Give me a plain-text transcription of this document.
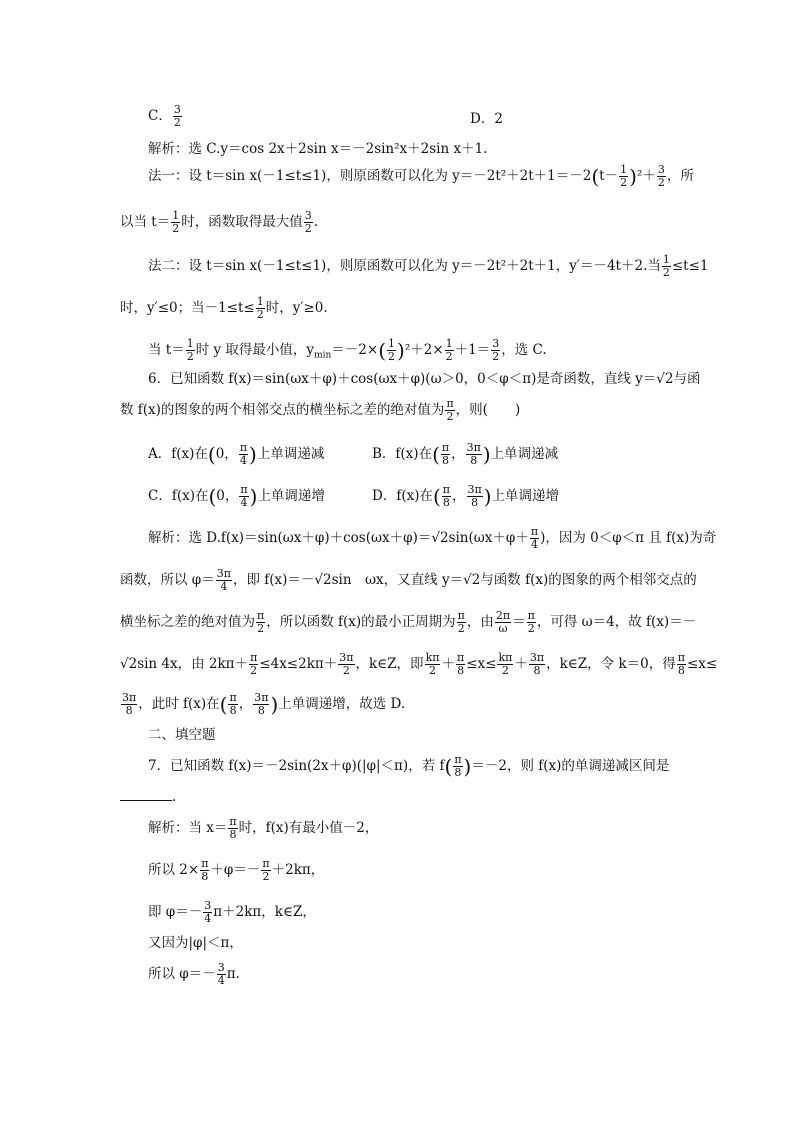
C． $\frac{3}{2}$	D．2
解析：选 C.y＝cos 2x＋2sin x＝－2sin²x＋2sin x＋1.
法一：设 t＝sin x(－1≤t≤1)，则原函数可以化为 $y=-2t^2+2t+1=-2(t- \frac{1}{2} )^2+ \frac{3}{2}$ ，所
以当 $t= \frac{1}{2}$ 时，函数取得最大值 $\frac{3}{2}$ .
法二：设 t＝sin x(－1≤t≤1)，则原函数可以化为 y＝－2t²＋2t＋1，y′＝－4t＋2.当 $\frac{1}{2} \le t\le 1$
时，y′≤0；当$-1\le t\le \frac{1}{2}$ 时，y′≥0.
当 $t= \frac{1}{2}$ 时 y 取得最小值，$y_{min}=-2\times( \frac{1}{2} )^2+2\times \frac{1}{2} +1= \frac{3}{2}$ ，选 C.
6．已知函数 f(x)＝sin(ωx＋φ)＋cos(ωx＋φ)(ω＞0，0＜φ＜π)是奇函数，直线 y＝√2与函
数 f(x)的图象的两个相邻交点的横坐标之差的绝对值为 $\frac{\pi}{2}$ ，则(　　)
A．f(x)在(0， $\frac{\pi}{4}$ )上单调递减	B．f(x)在( $\frac{\pi}{8}$ ， $\frac{3\pi}{8}$ )上单调递减
C．f(x)在(0， $\frac{\pi}{4}$ )上单调递增	D．f(x)在( $\frac{\pi}{8}$ ， $\frac{3\pi}{8}$ )上单调递增
解析：选 $D.f(x)=\sin(\omega x+\varphi)+\cos(\omega x+\varphi)=√2\sin(\omega x+\varphi+ \frac{\pi}{4}$ )，因为 0＜φ＜π 且 f(x)为奇
函数，所以 $\varphi= \frac{3\pi}{4}$ ，即 f(x)＝－√2sin　ωx，又直线 y＝√2与函数 f(x)的图象的两个相邻交点的
横坐标之差的绝对值为 $\frac{\pi}{2}$ ，所以函数 f(x)的最小正周期为 $\frac{\pi}{2}$ ，由 $\frac{2\pi}{\omega} = \frac{\pi}{2}$ ，可得 ω＝4，故 f(x)＝－
√2sin 4x，由 $2k\pi+ \frac{\pi}{2} \le 4x\le 2k\pi+ \frac{3\pi}{2}$ ，k∈Z，即 $\frac{k\pi}{2} + \frac{\pi}{8} \le x\le \frac{k\pi}{2} + \frac{3\pi}{8}$ ，k∈Z，令 k＝0，得 $\frac{\pi}{8} \le x\le$
$\frac{3\pi}{8}$ ，此时 f(x)在( $\frac{\pi}{8}$ ， $\frac{3\pi}{8}$ )上单调递增，故选 D.
二、填空题
7．已知函数 f(x)＝－2sin(2x＋φ)(|φ|＜π)，若 $f( \frac{\pi}{8} )=-2$，则 f(x)的单调递减区间是
.
解析：当 $x= \frac{\pi}{8}$ 时，f(x)有最小值－2，
所以 $2\times \frac{\pi}{8} +\varphi=- \frac{\pi}{2} +2k\pi$，
即 $\varphi=- \frac{3}{4} \pi+2k\pi$，k∈Z，
又因为|φ|＜π，
所以 $\varphi=- \frac{3}{4} \pi$.
